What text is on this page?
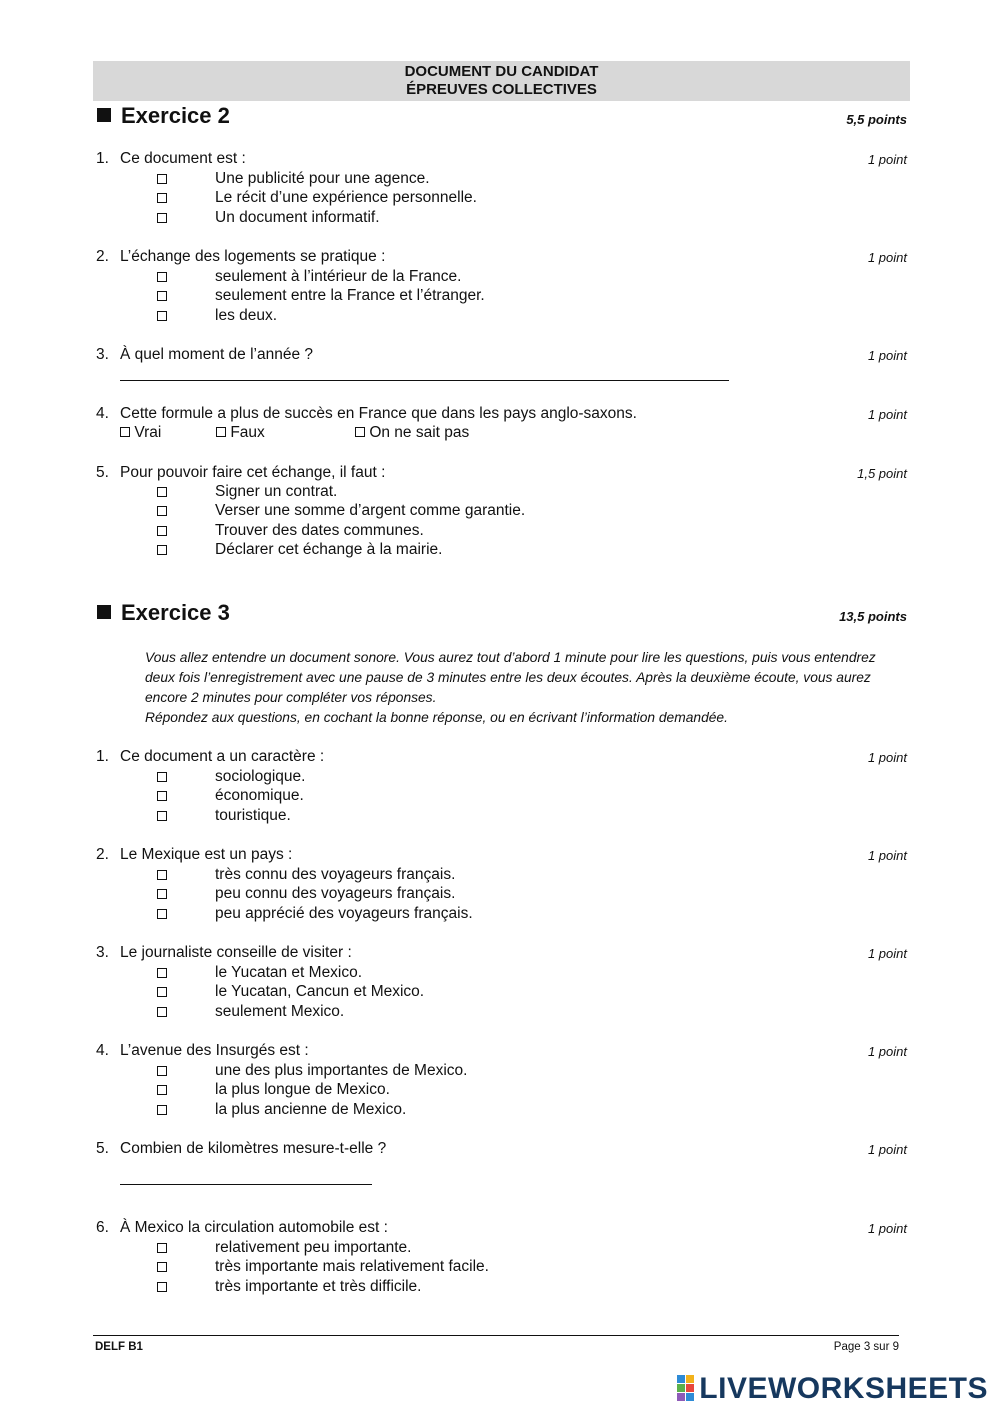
DOCUMENT DU CANDIDAT
ÉPREUVES COLLECTIVES
Exercice 2	5,5 points
1. Ce document est :	1 point
Une publicité pour une agence.
Le récit d’une expérience personnelle.
Un document informatif.
2. L’échange des logements se pratique :	1 point
seulement à l’intérieur de la France.
seulement entre la France et l’étranger.
les deux.
3. À quel moment de l’année ?	1 point
4. Cette formule a plus de succès en France que dans les pays anglo-saxons.	1 point
Vrai	Faux	On ne sait pas
5. Pour pouvoir faire cet échange, il faut :	1,5 point
Signer un contrat.
Verser une somme d’argent comme garantie.
Trouver des dates communes.
Déclarer cet échange à la mairie.
Exercice 3	13,5 points
Vous allez entendre un document sonore. Vous aurez tout d’abord 1 minute pour lire les questions, puis vous entendrez
deux fois l’enregistrement avec une pause de 3 minutes entre les deux écoutes. Après la deuxième écoute, vous aurez
encore 2 minutes pour compléter vos réponses.
Répondez aux questions, en cochant la bonne réponse, ou en écrivant l’information demandée.
1. Ce document a un caractère :	1 point
sociologique.
économique.
touristique.
2. Le Mexique est un pays :	1 point
très connu des voyageurs français.
peu connu des voyageurs français.
peu apprécié des voyageurs français.
3. Le journaliste conseille de visiter :	1 point
le Yucatan et Mexico.
le Yucatan, Cancun et Mexico.
seulement Mexico.
4. L’avenue des Insurgés est :	1 point
une des plus importantes de Mexico.
la plus longue de Mexico.
la plus ancienne de Mexico.
5. Combien de kilomètres mesure-t-elle ?	1 point
6. À Mexico la circulation automobile est :	1 point
relativement peu importante.
très importante mais relativement facile.
très importante et très difficile.
DELF B1	Page 3 sur 9
LIVEWORKSHEETS
